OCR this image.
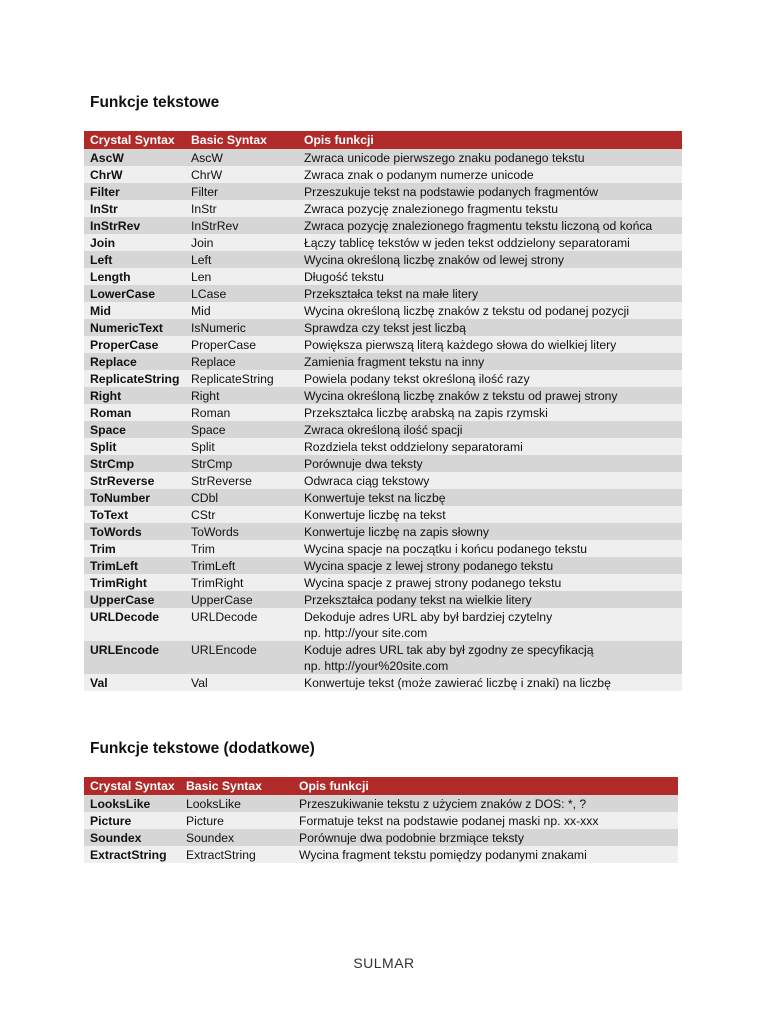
Funkcje tekstowe
Crystal Syntax	Basic Syntax	Opis funkcji
AscW	AscW	Zwraca unicode pierwszego znaku podanego tekstu
ChrW	ChrW	Zwraca znak o podanym numerze unicode
Filter	Filter	Przeszukuje tekst na podstawie podanych fragmentów
InStr	InStr	Zwraca pozycję znalezionego fragmentu tekstu
InStrRev	InStrRev	Zwraca pozycję znalezionego fragmentu tekstu liczoną od końca
Join	Join	Łączy tablicę tekstów w jeden tekst oddzielony separatorami
Left	Left	Wycina określoną liczbę znaków od lewej strony
Length	Len	Długość tekstu
LowerCase	LCase	Przekształca tekst na małe litery
Mid	Mid	Wycina określoną liczbę znaków z tekstu od podanej pozycji
NumericText	IsNumeric	Sprawdza czy tekst jest liczbą
ProperCase	ProperCase	Powiększa pierwszą literą każdego słowa do wielkiej litery
Replace	Replace	Zamienia fragment tekstu na inny
ReplicateString	ReplicateString	Powiela podany tekst określoną ilość razy
Right	Right	Wycina określoną liczbę znaków z tekstu od prawej strony
Roman	Roman	Przekształca liczbę arabską na zapis rzymski
Space	Space	Zwraca określoną ilość spacji
Split	Split	Rozdziela tekst oddzielony separatorami
StrCmp	StrCmp	Porównuje dwa teksty
StrReverse	StrReverse	Odwraca ciąg tekstowy
ToNumber	CDbl	Konwertuje tekst na liczbę
ToText	CStr	Konwertuje liczbę na tekst
ToWords	ToWords	Konwertuje liczbę na zapis słowny
Trim	Trim	Wycina spacje na początku i końcu podanego tekstu
TrimLeft	TrimLeft	Wycina spacje z lewej strony podanego tekstu
TrimRight	TrimRight	Wycina spacje z prawej strony podanego tekstu
UpperCase	UpperCase	Przekształca podany tekst na wielkie litery
URLDecode	URLDecode	Dekoduje adres URL aby był bardziej czytelny
np. http://your site.com

URLEncode	URLEncode	Koduje adres URL tak aby był zgodny ze specyfikacją
np. http://your%20site.com

Val	Val	Konwertuje tekst (może zawierać liczbę i znaki) na liczbę
Funkcje tekstowe (dodatkowe)
Crystal Syntax	Basic Syntax	Opis funkcji
LooksLike	LooksLike	Przeszukiwanie tekstu z użyciem znaków z DOS: *, ?
Picture	Picture	Formatuje tekst na podstawie podanej maski np. xx-xxx
Soundex	Soundex	Porównuje dwa podobnie brzmiące teksty
ExtractString	ExtractString	Wycina fragment tekstu pomiędzy podanymi znakami
SULMAR
